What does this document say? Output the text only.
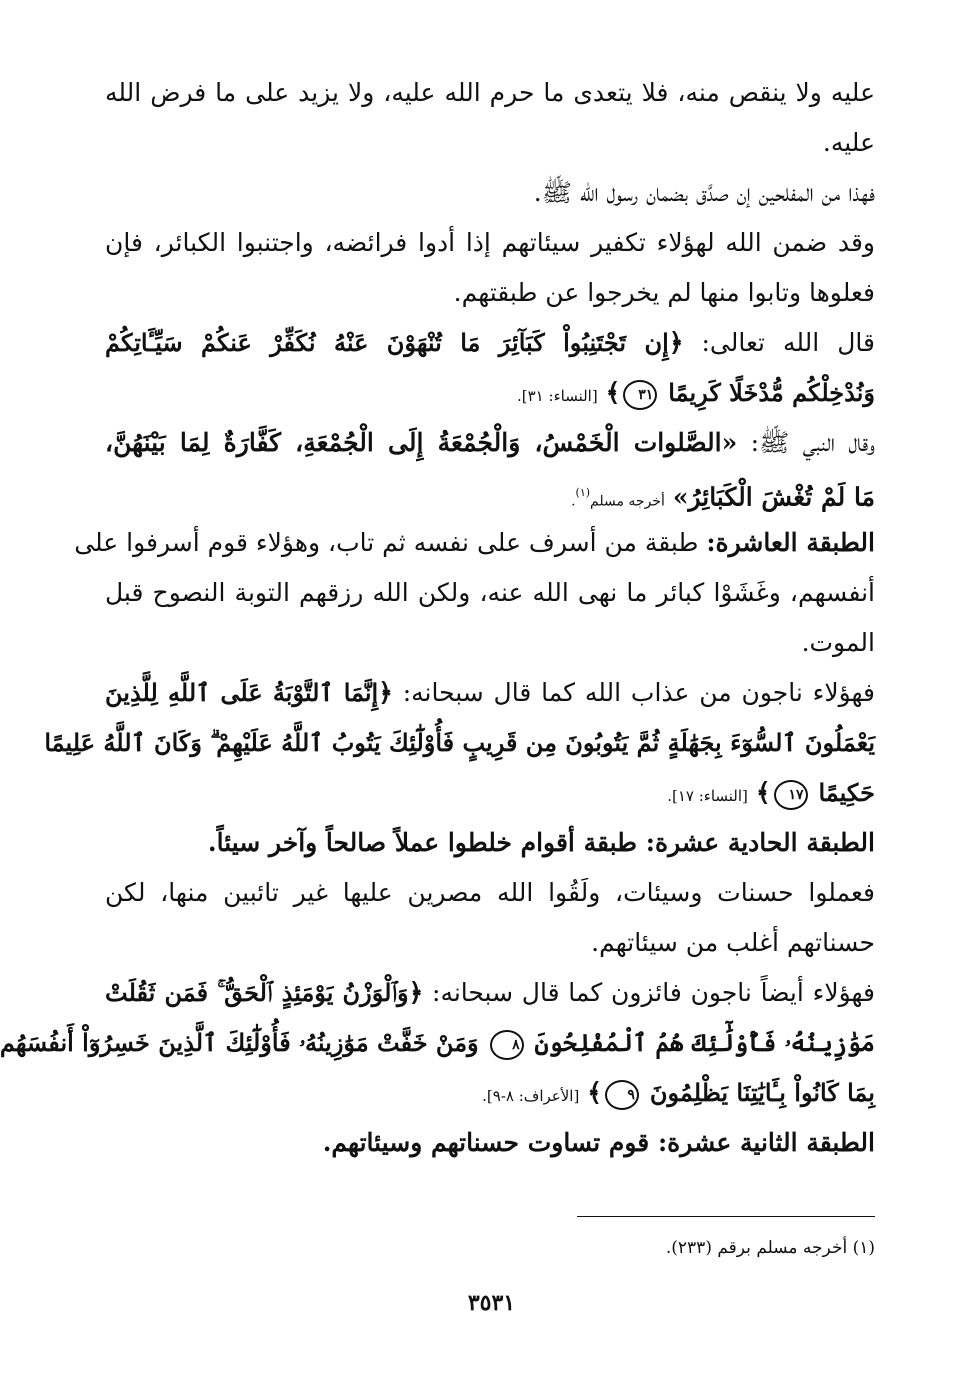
عليه ولا ينقص منه، فلا يتعدى ما حرم الله عليه، ولا يزيد على ما فرض الله
عليه.
فهذا من المفلحين إن صدَّق بضمان رسول الله ﷺ.
وقد ضمن الله لهؤلاء تكفير سيئاتهم إذا أدوا فرائضه، واجتنبوا الكبائر، فإن
فعلوها وتابوا منها لم يخرجوا عن طبقتهم.
قال الله تعالى: ﴿إِن تَجْتَنِبُواْ كَبَآئِرَ مَا تُنْهَوْنَ عَنْهُ نُكَفِّرْ عَنكُمْ سَيِّـَٔاتِكُمْ
وَنُدْخِلْكُم مُّدْخَلًا كَرِيمًا ٣١﴾ [النساء: ٣١].
وقال النبي ﷺ: «الصَّلوات الْخَمْسُ، وَالْجُمْعَةُ إِلَى الْجُمْعَةِ، كَفَّارَةٌ لِمَا بَيْنَهُنَّ،
مَا لَمْ تُغْشَ الْكَبَائِرُ» أخرجه مسلم$^{(١)}$.
الطبقة العاشرة: طبقة من أسرف على نفسه ثم تاب، وهؤلاء قوم أسرفوا على
أنفسهم، وغَشَوْا كبائر ما نهى الله عنه، ولكن الله رزقهم التوبة النصوح قبل
الموت.
فهؤلاء ناجون من عذاب الله كما قال سبحانه: ﴿إِنَّمَا ٱلتَّوْبَةُ عَلَى ٱللَّهِ لِلَّذِينَ
يَعْمَلُونَ ٱلسُّوٓءَ بِجَهَٰلَةٍ ثُمَّ يَتُوبُونَ مِن قَرِيبٍ فَأُوْلَٰٓئِكَ يَتُوبُ ٱللَّهُ عَلَيْهِمْ ۗ وَكَانَ ٱللَّهُ عَلِيمًا
حَكِيمًا ١٧﴾ [النساء: ١٧].
الطبقة الحادية عشرة: طبقة أقوام خلطوا عملاً صالحاً وآخر سيئاً.
فعملوا حسنات وسيئات، ولَقُوا الله مصرين عليها غير تائبين منها، لكن
حسناتهم أغلب من سيئاتهم.
فهؤلاء أيضاً ناجون فائزون كما قال سبحانه: ﴿وَٱلْوَزْنُ يَوْمَئِذٍ ٱلْحَقُّ ۚ فَمَن ثَقُلَتْ
مَوَٰزِينُهُۥ فَأُوْلَٰٓئِكَ هُمُ ٱلْمُفْلِحُونَ ٨ وَمَنْ خَفَّتْ مَوَٰزِينُهُۥ فَأُوْلَٰٓئِكَ ٱلَّذِينَ خَسِرُوٓاْ أَنفُسَهُم
بِمَا كَانُواْ بِـَٔايَٰتِنَا يَظْلِمُونَ ٩﴾ [الأعراف: ٨-٩].
الطبقة الثانية عشرة: قوم تساوت حسناتهم وسيئاتهم.
(١) أخرجه مسلم برقم (٢٣٣).
٣٥٣١
